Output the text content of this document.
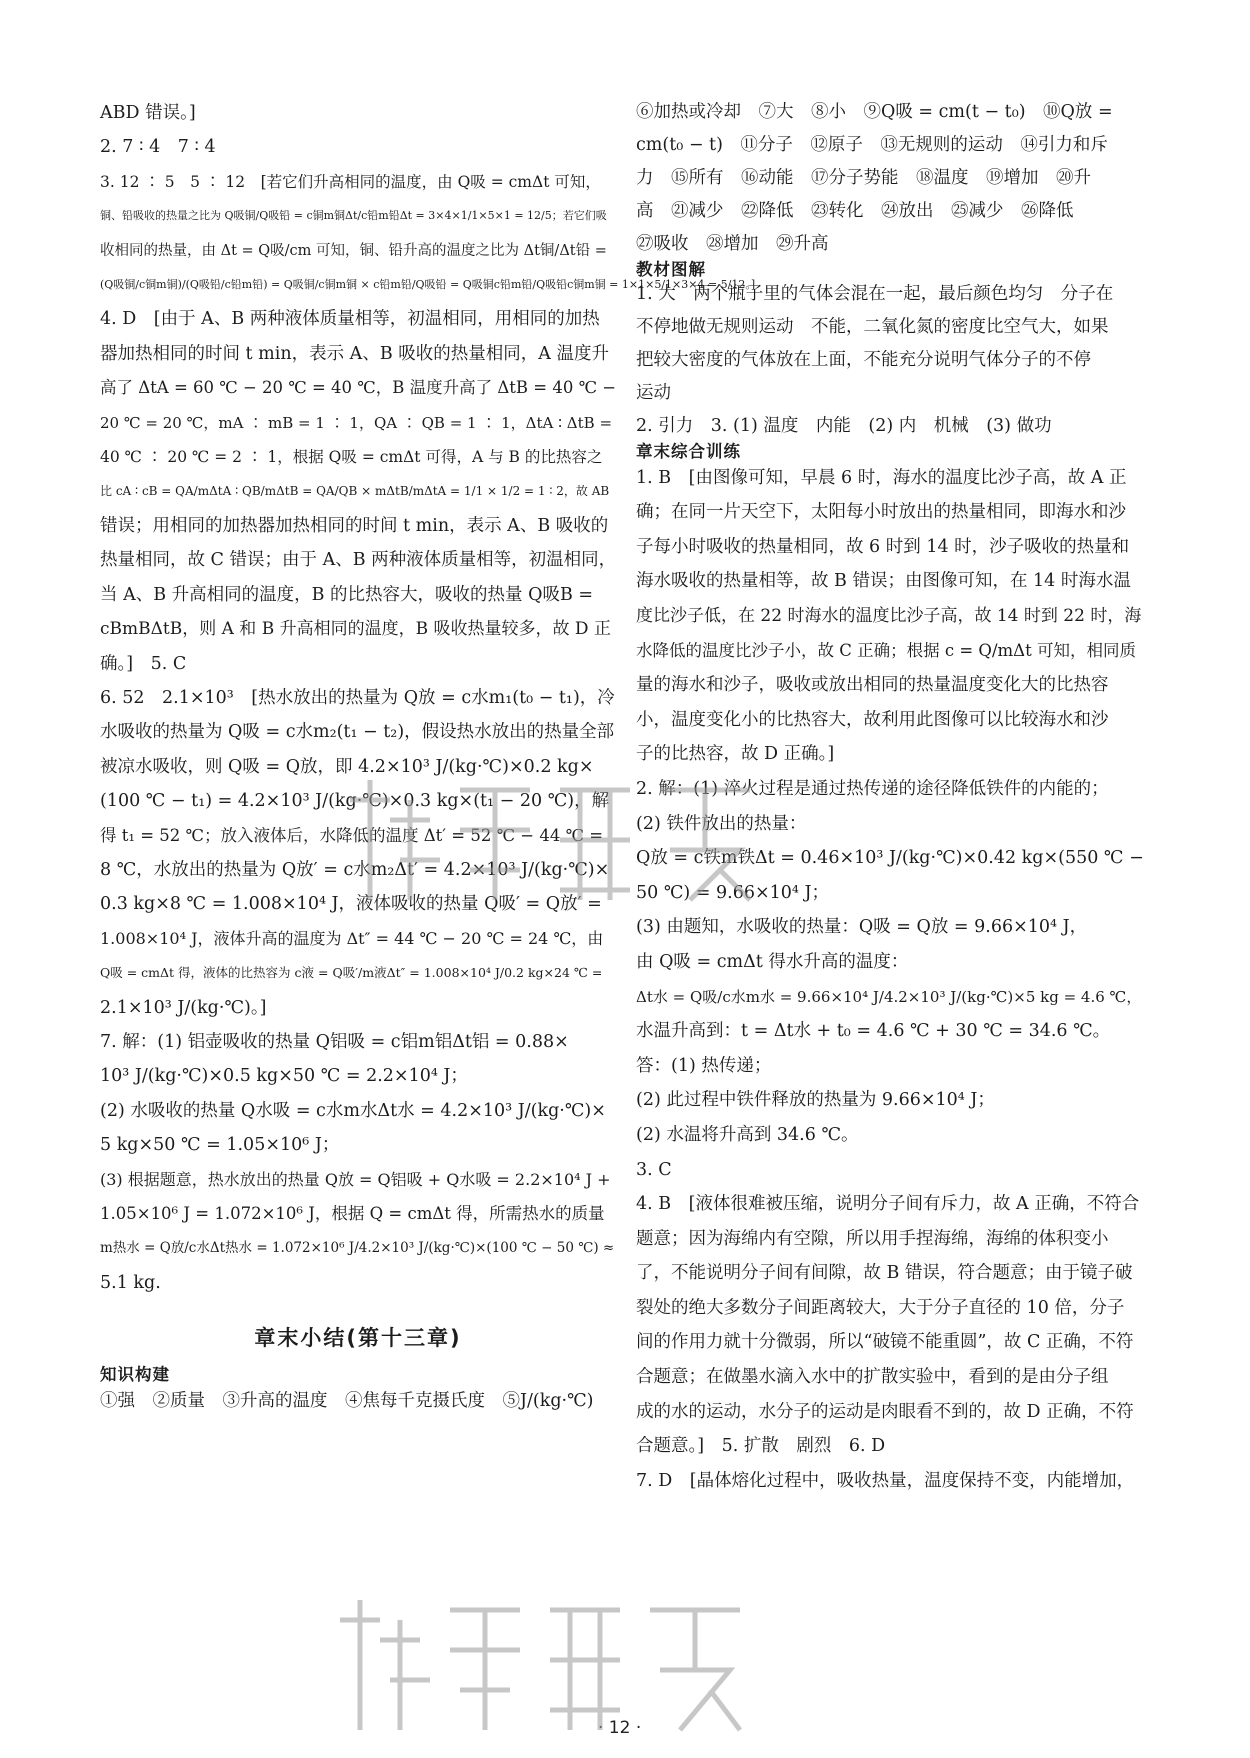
ABD 错误。]
2. 7 ∶ 4　7 ∶ 4
3. 12 ∶ 5　5 ∶ 12　[若它们升高相同的温度，由 Q吸 = cmΔt 可知，
铜、铅吸收的热量之比为 Q吸铜/Q吸铅 = c铜m铜Δt/c铅m铅Δt = 3×4×1/1×5×1 = 12/5；若它们吸
收相同的热量，由 Δt = Q吸/cm 可知，铜、铅升高的温度之比为 Δt铜/Δt铅 =
(Q吸铜/c铜m铜)/(Q吸铅/c铅m铅) = Q吸铜/c铜m铜 × c铅m铅/Q吸铅 = Q吸铜c铅m铅/Q吸铅c铜m铜 = 1×1×5/1×3×4 = 5/12。]
4. D　[由于 A、B 两种液体质量相等，初温相同，用相同的加热
器加热相同的时间 t min，表示 A、B 吸收的热量相同，A 温度升
高了 ΔtA = 60 ℃ − 20 ℃ = 40 ℃，B 温度升高了 ΔtB = 40 ℃ −
20 ℃ = 20 ℃，mA ∶ mB = 1 ∶ 1，QA ∶ QB = 1 ∶ 1，ΔtA ∶ ΔtB =
40 ℃ ∶ 20 ℃ = 2 ∶ 1，根据 Q吸 = cmΔt 可得，A 与 B 的比热容之
比 cA ∶ cB = QA/mΔtA ∶ QB/mΔtB = QA/QB × mΔtB/mΔtA = 1/1 × 1/2 = 1 ∶ 2，故 AB
错误；用相同的加热器加热相同的时间 t min，表示 A、B 吸收的
热量相同，故 C 错误；由于 A、B 两种液体质量相等，初温相同，
当 A、B 升高相同的温度，B 的比热容大，吸收的热量 Q吸B =
cBmBΔtB，则 A 和 B 升高相同的温度，B 吸收热量较多，故 D 正
确。]　5. C
6. 52　2.1×10³　[热水放出的热量为 Q放 = c水m₁(t₀ − t₁)，冷
水吸收的热量为 Q吸 = c水m₂(t₁ − t₂)，假设热水放出的热量全部
被凉水吸收，则 Q吸 = Q放，即 4.2×10³ J/(kg·℃)×0.2 kg×
(100 ℃ − t₁) = 4.2×10³ J/(kg·℃)×0.3 kg×(t₁ − 20 ℃)，解
得 t₁ = 52 ℃；放入液体后，水降低的温度 Δt′ = 52 ℃ − 44 ℃ =
8 ℃，水放出的热量为 Q放′ = c水m₂Δt′ = 4.2×10³ J/(kg·℃)×
0.3 kg×8 ℃ = 1.008×10⁴ J，液体吸收的热量 Q吸′ = Q放′ =
1.008×10⁴ J，液体升高的温度为 Δt″ = 44 ℃ − 20 ℃ = 24 ℃，由
Q吸 = cmΔt 得，液体的比热容为 c液 = Q吸′/m液Δt″ = 1.008×10⁴ J/0.2 kg×24 ℃ =
2.1×10³ J/(kg·℃)。]
7. 解：(1) 铝壶吸收的热量 Q铝吸 = c铝m铝Δt铝 = 0.88×
10³ J/(kg·℃)×0.5 kg×50 ℃ = 2.2×10⁴ J；
(2) 水吸收的热量 Q水吸 = c水m水Δt水 = 4.2×10³ J/(kg·℃)×
5 kg×50 ℃ = 1.05×10⁶ J；
(3) 根据题意，热水放出的热量 Q放 = Q铝吸 + Q水吸 = 2.2×10⁴ J +
1.05×10⁶ J = 1.072×10⁶ J，根据 Q = cmΔt 得，所需热水的质量
m热水 = Q放/c水Δt热水 = 1.072×10⁶ J/4.2×10³ J/(kg·℃)×(100 ℃ − 50 ℃) ≈
5.1 kg.
章末小结(第十三章)
知识构建
①强　②质量　③升高的温度　④焦每千克摄氏度　⑤J/(kg·℃)
⑥加热或冷却　⑦大　⑧小　⑨Q吸 = cm(t − t₀)　⑩Q放 =
cm(t₀ − t)　⑪分子　⑫原子　⑬无规则的运动　⑭引力和斥
力　⑮所有　⑯动能　⑰分子势能　⑱温度　⑲增加　⑳升
高　㉑减少　㉒降低　㉓转化　㉔放出　㉕减少　㉖降低
㉗吸收　㉘增加　㉙升高
教材图解
1. 大　两个瓶子里的气体会混在一起，最后颜色均匀　分子在
不停地做无规则运动　不能，二氧化氮的密度比空气大，如果
把较大密度的气体放在上面，不能充分说明气体分子的不停
运动
2. 引力　3. (1) 温度　内能　(2) 内　机械　(3) 做功
章末综合训练
1. B　[由图像可知，早晨 6 时，海水的温度比沙子高，故 A 正
确；在同一片天空下，太阳每小时放出的热量相同，即海水和沙
子每小时吸收的热量相同，故 6 时到 14 时，沙子吸收的热量和
海水吸收的热量相等，故 B 错误；由图像可知，在 14 时海水温
度比沙子低，在 22 时海水的温度比沙子高，故 14 时到 22 时，海
水降低的温度比沙子小，故 C 正确；根据 c = Q/mΔt 可知，相同质
量的海水和沙子，吸收或放出相同的热量温度变化大的比热容
小，温度变化小的比热容大，故利用此图像可以比较海水和沙
子的比热容，故 D 正确。]
2. 解：(1) 淬火过程是通过热传递的途径降低铁件的内能的；
(2) 铁件放出的热量：
Q放 = c铁m铁Δt = 0.46×10³ J/(kg·℃)×0.42 kg×(550 ℃ −
50 ℃) = 9.66×10⁴ J；
(3) 由题知，水吸收的热量：Q吸 = Q放 = 9.66×10⁴ J，
由 Q吸 = cmΔt 得水升高的温度：
Δt水 = Q吸/c水m水 = 9.66×10⁴ J/4.2×10³ J/(kg·℃)×5 kg = 4.6 ℃，
水温升高到：t = Δt水 + t₀ = 4.6 ℃ + 30 ℃ = 34.6 ℃。
答：(1) 热传递；
(2) 此过程中铁件释放的热量为 9.66×10⁴ J；
(2) 水温将升高到 34.6 ℃。
3. C
4. B　[液体很难被压缩，说明分子间有斥力，故 A 正确，不符合
题意；因为海绵内有空隙，所以用手捏海绵，海绵的体积变小
了，不能说明分子间有间隙，故 B 错误，符合题意；由于镜子破
裂处的绝大多数分子间距离较大，大于分子直径的 10 倍，分子
间的作用力就十分微弱，所以“破镜不能重圆”，故 C 正确，不符
合题意；在做墨水滴入水中的扩散实验中，看到的是由分子组
成的水的运动，水分子的运动是肉眼看不到的，故 D 正确，不符
合题意。]　5. 扩散　剧烈　6. D
7. D　[晶体熔化过程中，吸收热量，温度保持不变，内能增加，
· 12 ·
